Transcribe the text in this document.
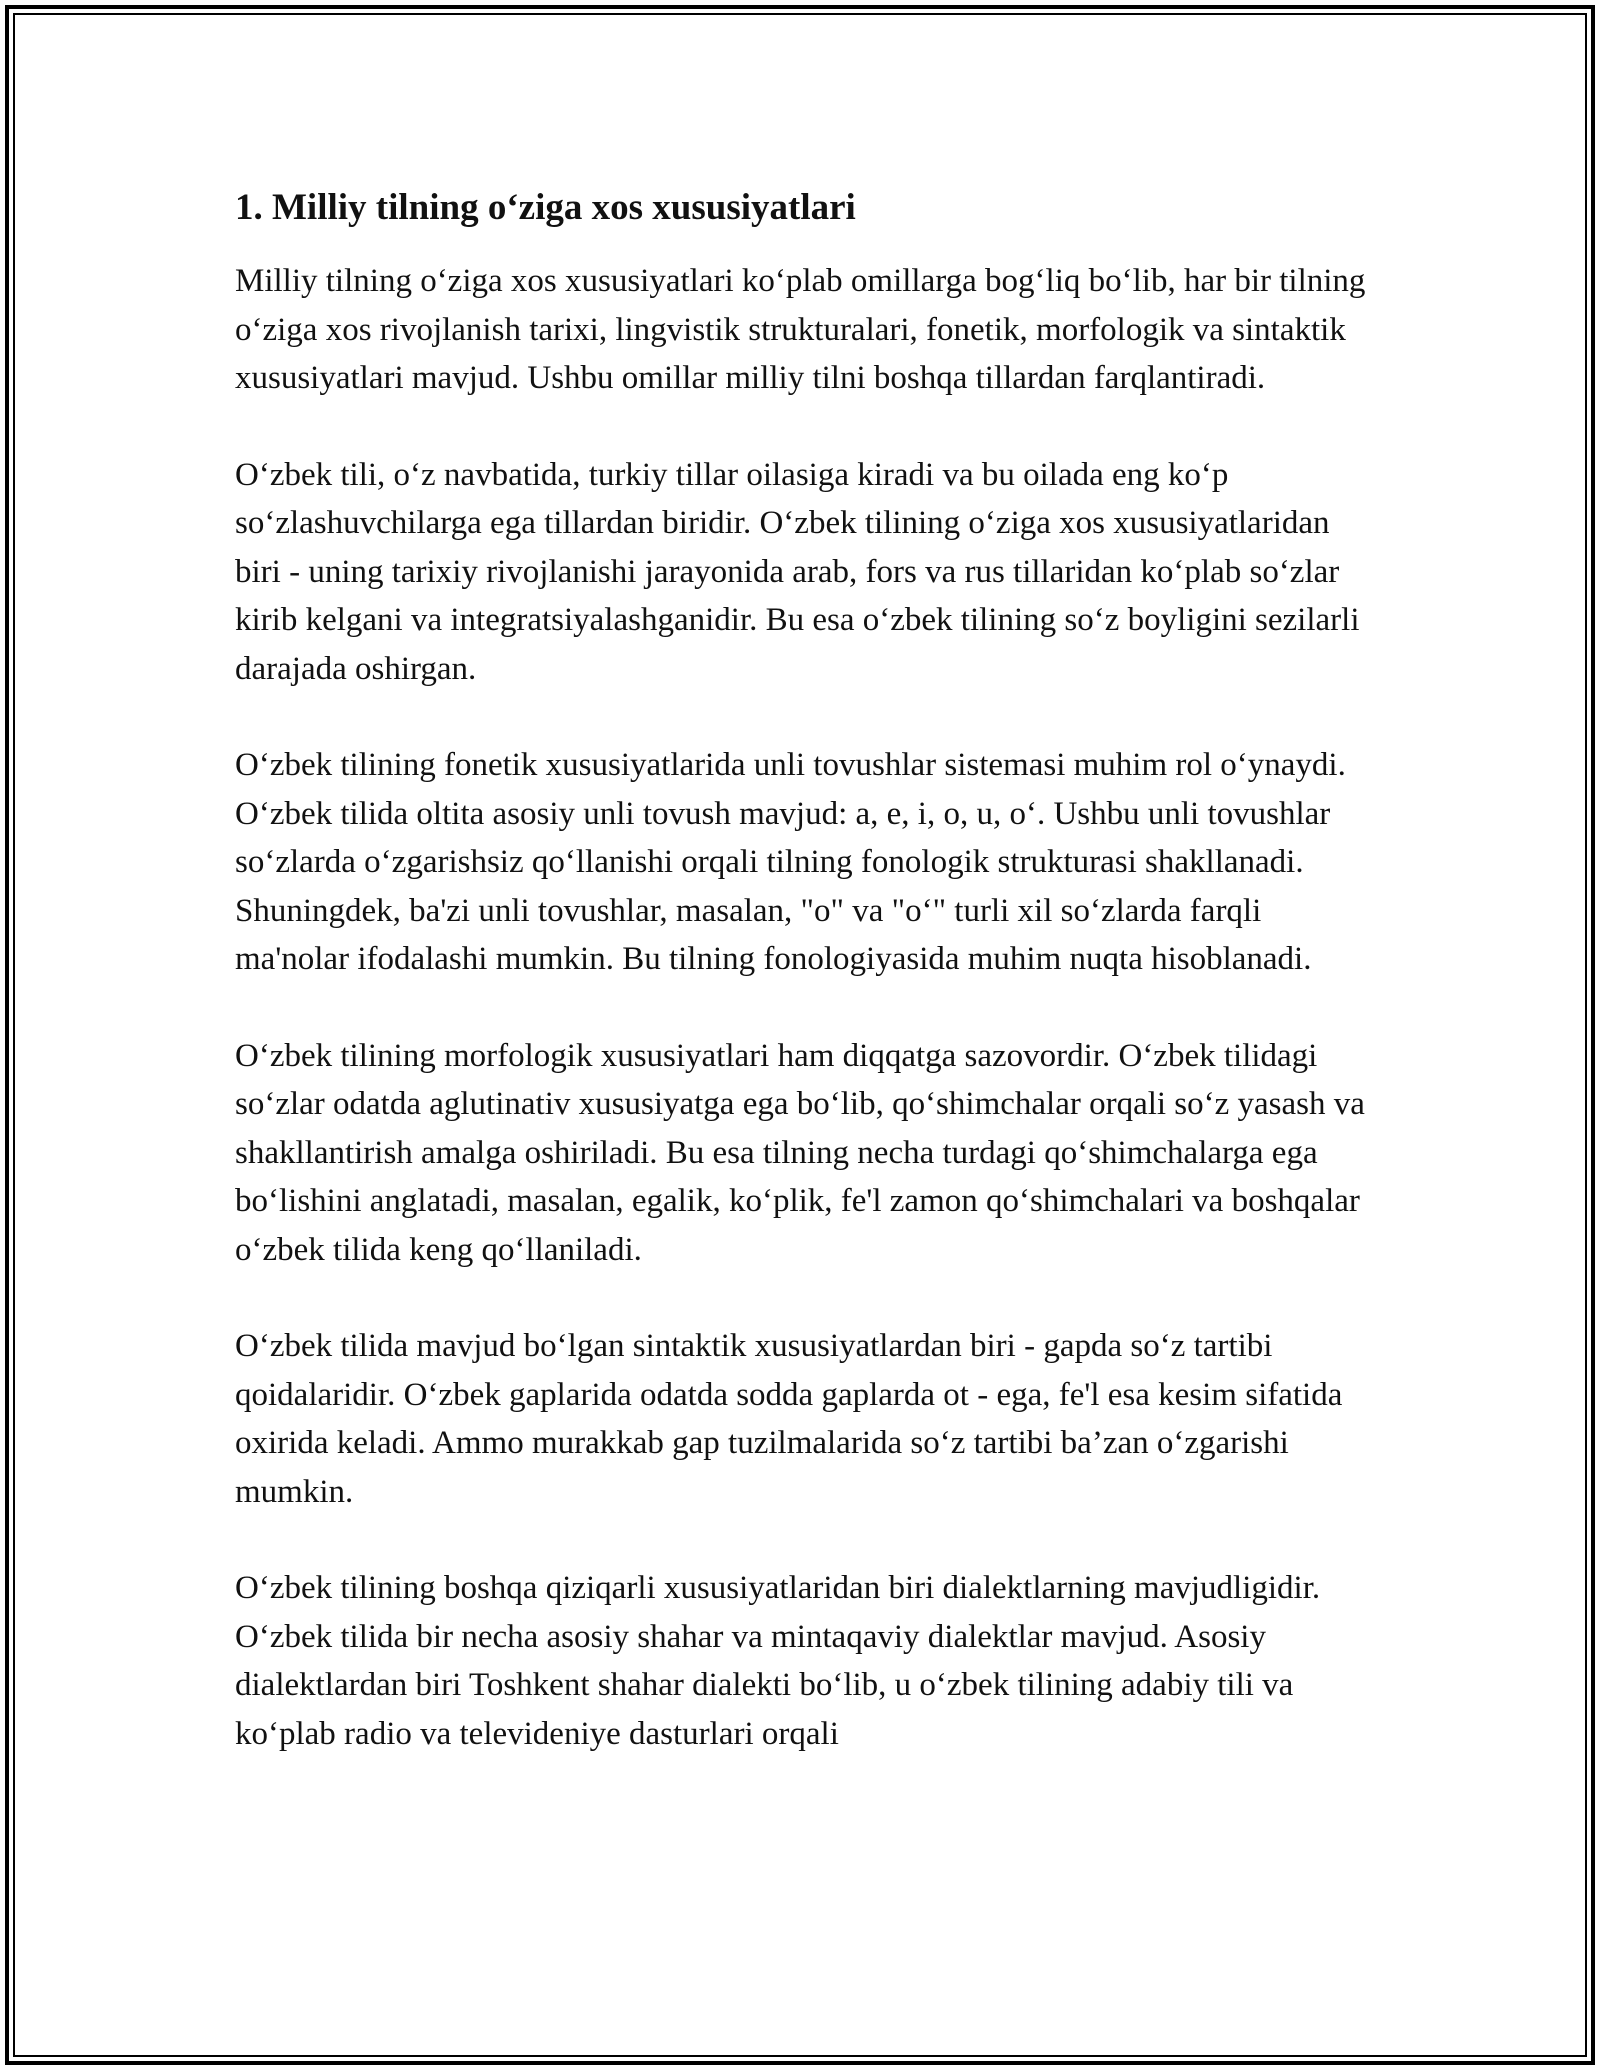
1. Milliy tilning o‘ziga xos xususiyatlari

Milliy tilning o‘ziga xos xususiyatlari ko‘plab omillarga bog‘liq bo‘lib, har bir tilning o‘ziga xos rivojlanish tarixi, lingvistik strukturalari, fonetik, morfologik va sintaktik xususiyatlari mavjud. Ushbu omillar milliy tilni boshqa tillardan farqlantiradi.

O‘zbek tili, o‘z navbatida, turkiy tillar oilasiga kiradi va bu oilada eng ko‘p so‘zlashuvchilarga ega tillardan biridir. O‘zbek tilining o‘ziga xos xususiyatlaridan biri - uning tarixiy rivojlanishi jarayonida arab, fors va rus tillaridan ko‘plab so‘zlar kirib kelgani va integratsiyalashganidir. Bu esa o‘zbek tilining so‘z boyligini sezilarli darajada oshirgan.

O‘zbek tilining fonetik xususiyatlarida unli tovushlar sistemasi muhim rol o‘ynaydi. O‘zbek tilida oltita asosiy unli tovush mavjud: a, e, i, o, u, o‘. Ushbu unli tovushlar so‘zlarda o‘zgarishsiz qo‘llanishi orqali tilning fonologik strukturasi shakllanadi. Shuningdek, ba'zi unli tovushlar, masalan, "o" va "o‘" turli xil so‘zlarda farqli ma'nolar ifodalashi mumkin. Bu tilning fonologiyasida muhim nuqta hisoblanadi.

O‘zbek tilining morfologik xususiyatlari ham diqqatga sazovordir. O‘zbek tilidagi so‘zlar odatda aglutinativ xususiyatga ega bo‘lib, qo‘shimchalar orqali so‘z yasash va shakllantirish amalga oshiriladi. Bu esa tilning necha turdagi qo‘shimchalarga ega bo‘lishini anglatadi, masalan, egalik, ko‘plik, fe'l zamon qo‘shimchalari va boshqalar o‘zbek tilida keng qo‘llaniladi.

O‘zbek tilida mavjud bo‘lgan sintaktik xususiyatlardan biri - gapda so‘z tartibi qoidalaridir. O‘zbek gaplarida odatda sodda gaplarda ot - ega, fe'l esa kesim sifatida oxirida keladi. Ammo murakkab gap tuzilmalarida so‘z tartibi ba’zan o‘zgarishi mumkin.

O‘zbek tilining boshqa qiziqarli xususiyatlaridan biri dialektlarning mavjudligidir. O‘zbek tilida bir necha asosiy shahar va mintaqaviy dialektlar mavjud. Asosiy dialektlardan biri Toshkent shahar dialekti bo‘lib, u o‘zbek tilining adabiy tili va ko‘plab radio va televideniye dasturlari orqali
